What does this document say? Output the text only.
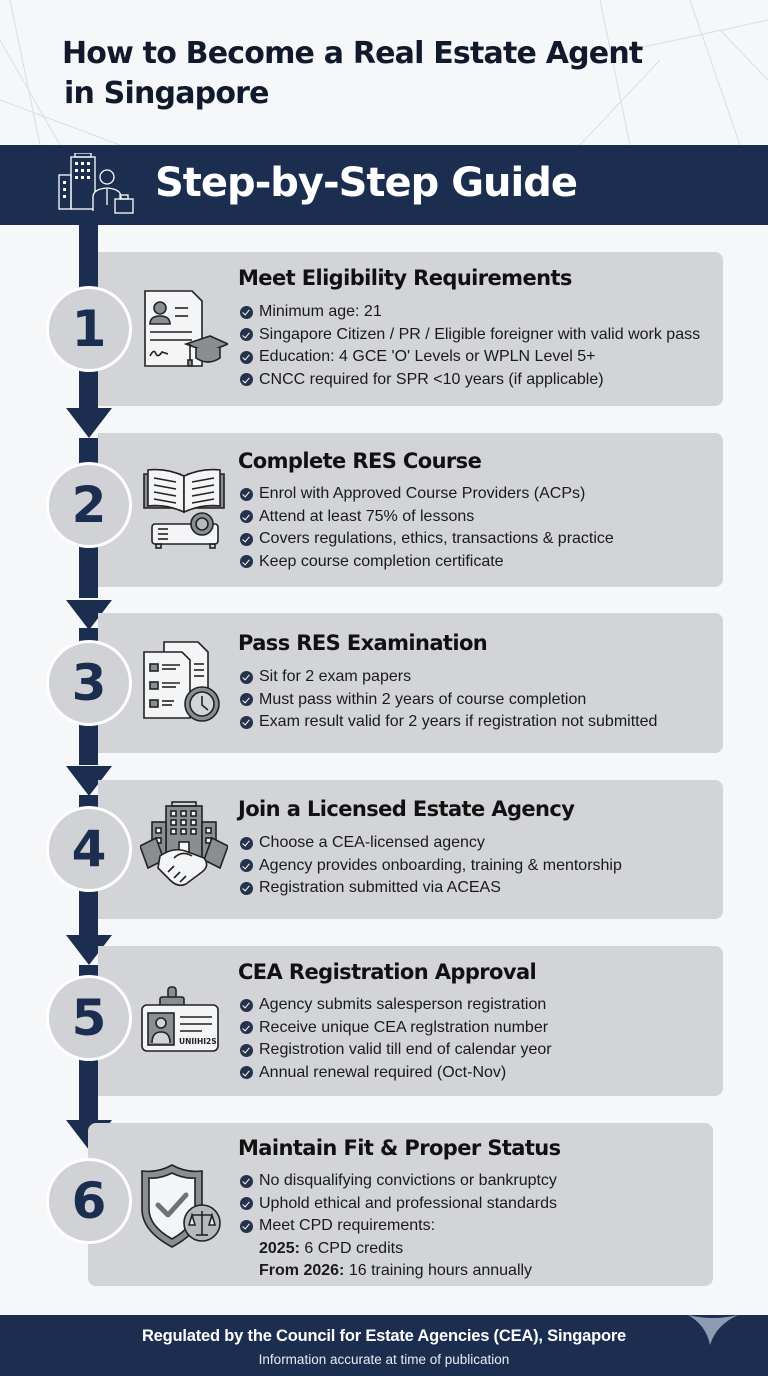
How to Become a Real Estate Agent
in Singapore
Step-by-Step Guide
1
Meet Eligibility Requirements
Minimum age: 21
Singapore Citizen / PR / Eligible foreigner with valid work pass
Education: 4 GCE 'O' Levels or WPLN Level 5+
CNCC required for SPR <10 years (if applicable)
2
Complete RES Course
Enrol with Approved Course Providers (ACPs)
Attend at least 75% of lessons
Covers regulations, ethics, transactions & practice
Keep course completion certificate
3
Pass RES Examination
Sit for 2 exam papers
Must pass within 2 years of course completion
Exam result valid for 2 years if registration not submitted
4
Join a Licensed Estate Agency
Choose a CEA-licensed agency
Agency provides onboarding, training & mentorship
Registration submitted via ACEAS
5	UNIIHI2S
CEA Registration Approval
Agency submits salesperson registration
Receive unique CEA reglstration number
Registrotion valid till end of calendar yeor
Annual renewal required (Oct-Nov)
6
Maintain Fit & Proper Status
No disqualifying convictions or bankruptcy
Uphold ethical and professional standards
Meet CPD requirements:
2025: 6 CPD credits
From 2026: 16 training hours annually
Regulated by the Council for Estate Agencies (CEA), Singapore
Information accurate at time of publication
